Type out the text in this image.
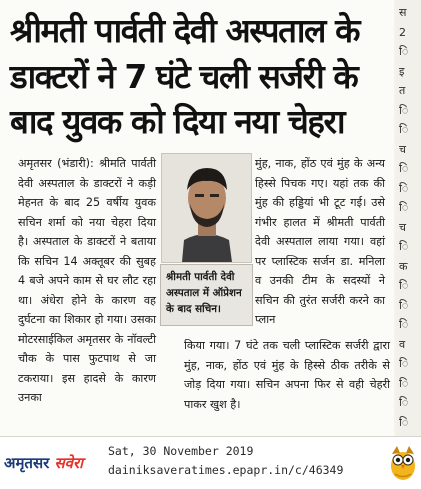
श्रीमती पार्वती देवी अस्पताल के
डाक्टरों ने 7 घंटे चली सर्जरी के
बाद युवक को दिया नया चेहरा

अमृतसर (भंडारी): श्रीमति पार्वती देवी अस्पताल के डाक्टरों ने कड़ी मेहनत के बाद 25 वर्षीय युवक सचिन शर्मा को नया चेहरा दिया है। अस्पताल के डाक्टरों ने बताया कि सचिन 14 अक्तूबर की सुबह 4 बजे अपने काम से घर लौट रहा था। अंधेरा होने के कारण वह दुर्घटना का शिकार हो गया। उसका मोटरसाईकिल अमृतसर के नॉवल्टी चौक के पास फुटपाथ से जा टकराया। इस हादसे के कारण उनका

श्रीमती पार्वती देवी अस्पताल में ऑप्रेशन के बाद सचिन।

मुंह, नाक, होंठ एवं मुंह के अन्य हिस्से पिचक गए। यहां तक की मुंह की हड्डियां भी टूट गई। उसे गंभीर हालत में श्रीमती पार्वती देवी अस्पताल लाया गया। वहां पर प्लास्टिक सर्जन डा. मनिला व उनकी टीम के सदस्यों ने सचिन की तुरंत सर्जरी करने का प्लान

किया गया। 7 घंटे तक चली प्लास्टिक सर्जरी द्वारा मुंह, नाक, होंठ एवं मुंह के हिस्से ठीक तरीके से जोड़ दिया गया। सचिन अपना फिर से वही चेहरी पाकर खुश है।

स
2
ि
इ
त
ि
ि
च
ि
ि
ि
च
ि
क
ि
ि
ि
व
ि
ि
ि
ि
अमृतसर सवेरा
Sat, 30 November 2019
dainiksaveratimes.epapr.in/c/46349
